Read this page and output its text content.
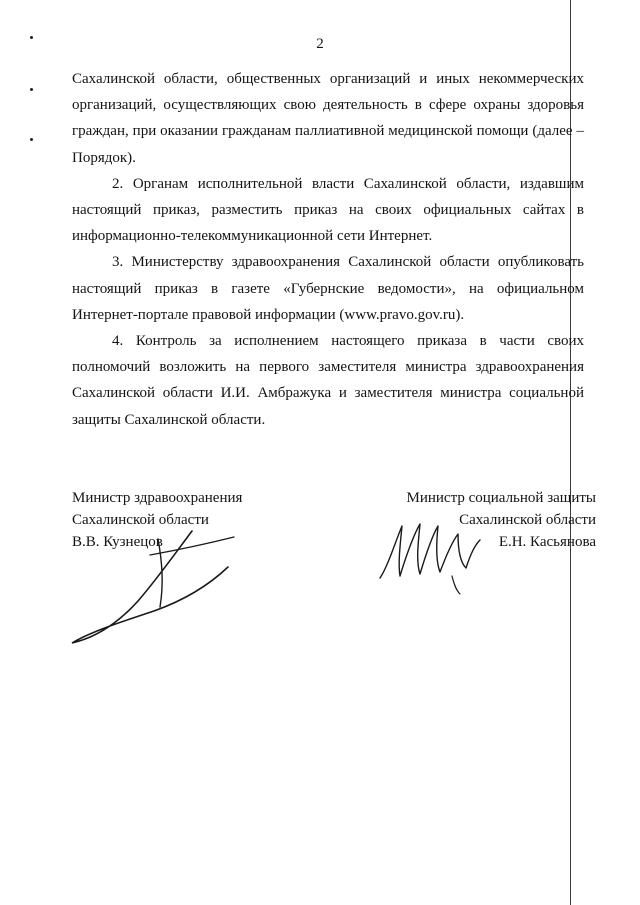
2

Сахалинской области, общественных организаций и иных некоммерческих организаций, осуществляющих свою деятельность в сфере охраны здоровья граждан, при оказании гражданам паллиативной медицинской помощи (далее – Порядок).

2. Органам исполнительной власти Сахалинской области, издавшим настоящий приказ, разместить приказ на своих официальных сайтах в информационно-телекоммуникационной сети Интернет.

3. Министерству здравоохранения Сахалинской области опубликовать настоящий приказ в газете «Губернские ведомости», на официальном Интернет-портале правовой информации (www.pravo.gov.ru).

4. Контроль за исполнением настоящего приказа в части своих полномочий возложить на первого заместителя министра здравоохранения Сахалинской области И.И. Амбражука и заместителя министра социальной защиты Сахалинской области.

Министр здравоохранения
Сахалинской области
В.В. Кузнецов
Министр социальной защиты
Сахалинской области
Е.Н. Касьянова
